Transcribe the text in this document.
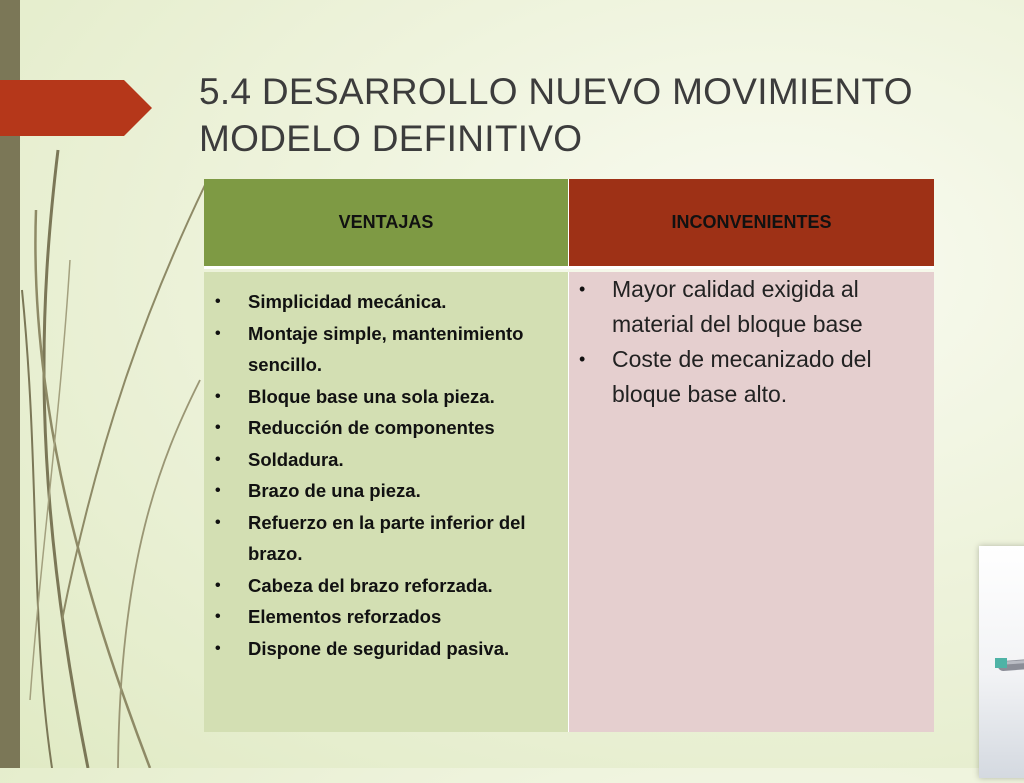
5.4 DESARROLLO NUEVO MOVIMIENTO
MODELO DEFINITIVO
VENTAJAS	INCONVENIENTES
• Simplicidad mecánica.
• Montaje simple, mantenimiento sencillo.
• Bloque base una sola pieza.
• Reducción de componentes
• Soldadura.
• Brazo de una pieza.
• Refuerzo en la parte inferior del brazo.
• Cabeza del brazo reforzada.
• Elementos reforzados
• Dispone de seguridad pasiva.
• Mayor calidad exigida al material del bloque base
• Coste de mecanizado del bloque base alto.
